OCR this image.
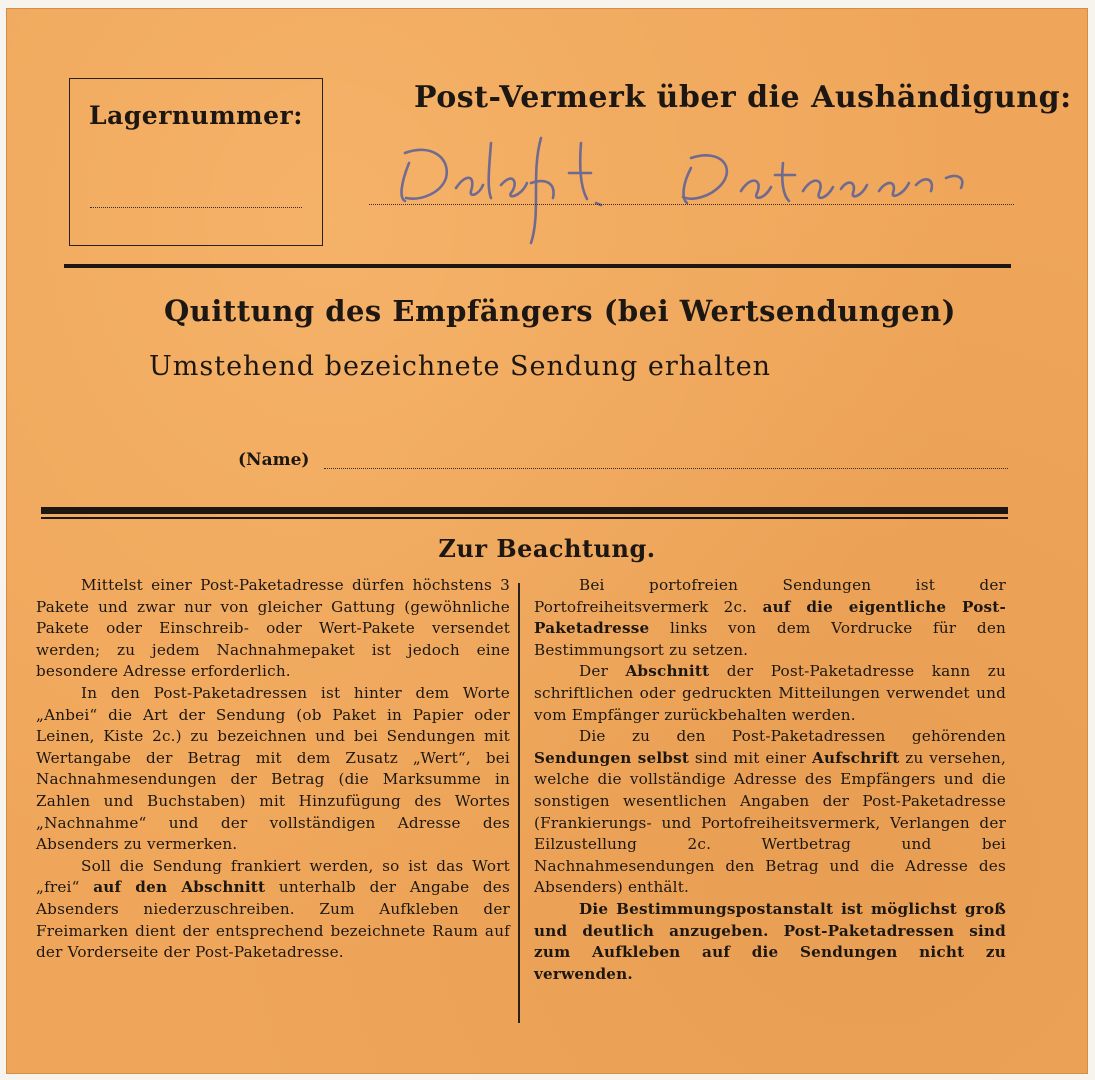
Lagernummer:
Post-Vermerk über die Aushändigung:
Quittung des Empfängers (bei Wertsendungen)
Umstehend bezeichnete Sendung erhalten
(Name)
Zur Beachtung.

Mittelst einer Post-Paketadresse dürfen höchstens 3 Pakete und zwar nur von gleicher Gattung (gewöhnliche Pakete oder Einschreib- oder Wert-Pakete versendet werden; zu jedem Nachnahmepaket ist jedoch eine besondere Adresse erforderlich.

In den Post-Paketadressen ist hinter dem Worte „Anbei“ die Art der Sendung (ob Paket in Papier oder Leinen, Kiste 2c.) zu bezeichnen und bei Sendungen mit Wertangabe der Betrag mit dem Zusatz „Wert“, bei Nachnahmesendungen der Betrag (die Marksumme in Zahlen und Buchstaben) mit Hinzufügung des Wortes „Nachnahme“ und der vollständigen Adresse des Absenders zu vermerken.

Soll die Sendung frankiert werden, so ist das Wort „frei“ auf den Abschnitt unterhalb der Angabe des Absenders niederzuschreiben. Zum Aufkleben der Freimarken dient der entsprechend bezeichnete Raum auf der Vorderseite der Post-Paketadresse.

Bei portofreien Sendungen ist der Portofreiheitsvermerk 2c. auf die eigentliche Post-Paketadresse links von dem Vordrucke für den Bestimmungsort zu setzen.

Der Abschnitt der Post-Paketadresse kann zu schriftlichen oder gedruckten Mitteilungen verwendet und vom Empfänger zurückbehalten werden.

Die zu den Post-Paketadressen gehörenden Sendungen selbst sind mit einer Aufschrift zu versehen, welche die vollständige Adresse des Empfängers und die sonstigen wesentlichen Angaben der Post-Paketadresse (Frankierungs- und Portofreiheitsvermerk, Verlangen der Eilzustellung 2c. Wertbetrag und bei Nachnahmesendungen den Betrag und die Adresse des Absenders) enthält.

Die Bestimmungspostanstalt ist möglichst groß und deutlich anzugeben. Post-Paketadressen sind zum Aufkleben auf die Sendungen nicht zu verwenden.
